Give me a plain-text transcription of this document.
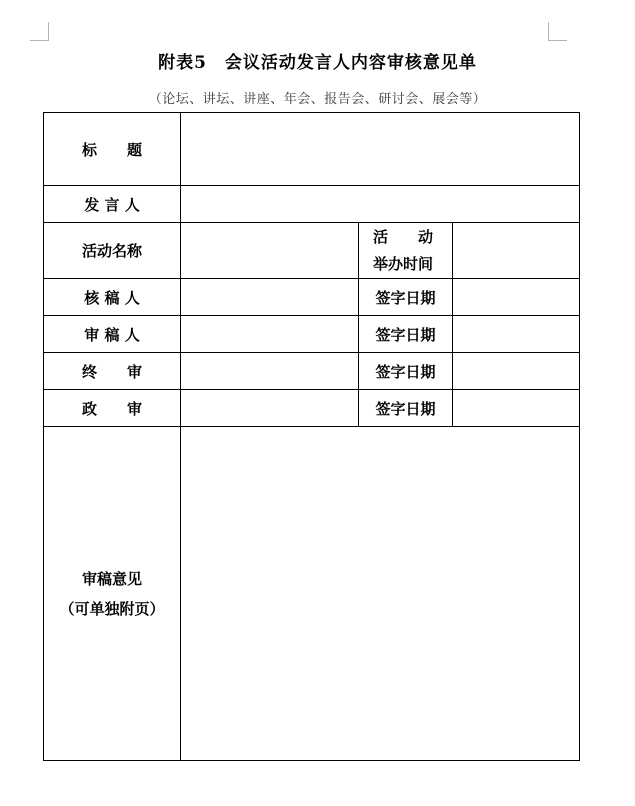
附表5　会议活动发言人内容审核意见单
（论坛、讲坛、讲座、年会、报告会、研讨会、展会等）
标　　题			
发 言 人			
活动名称		活　　动
举办时间	

核 稿 人		签字日期	
审 稿 人		签字日期	
终　　审		签字日期	
政　　审		签字日期	

审稿意见
（可单独附页）			
